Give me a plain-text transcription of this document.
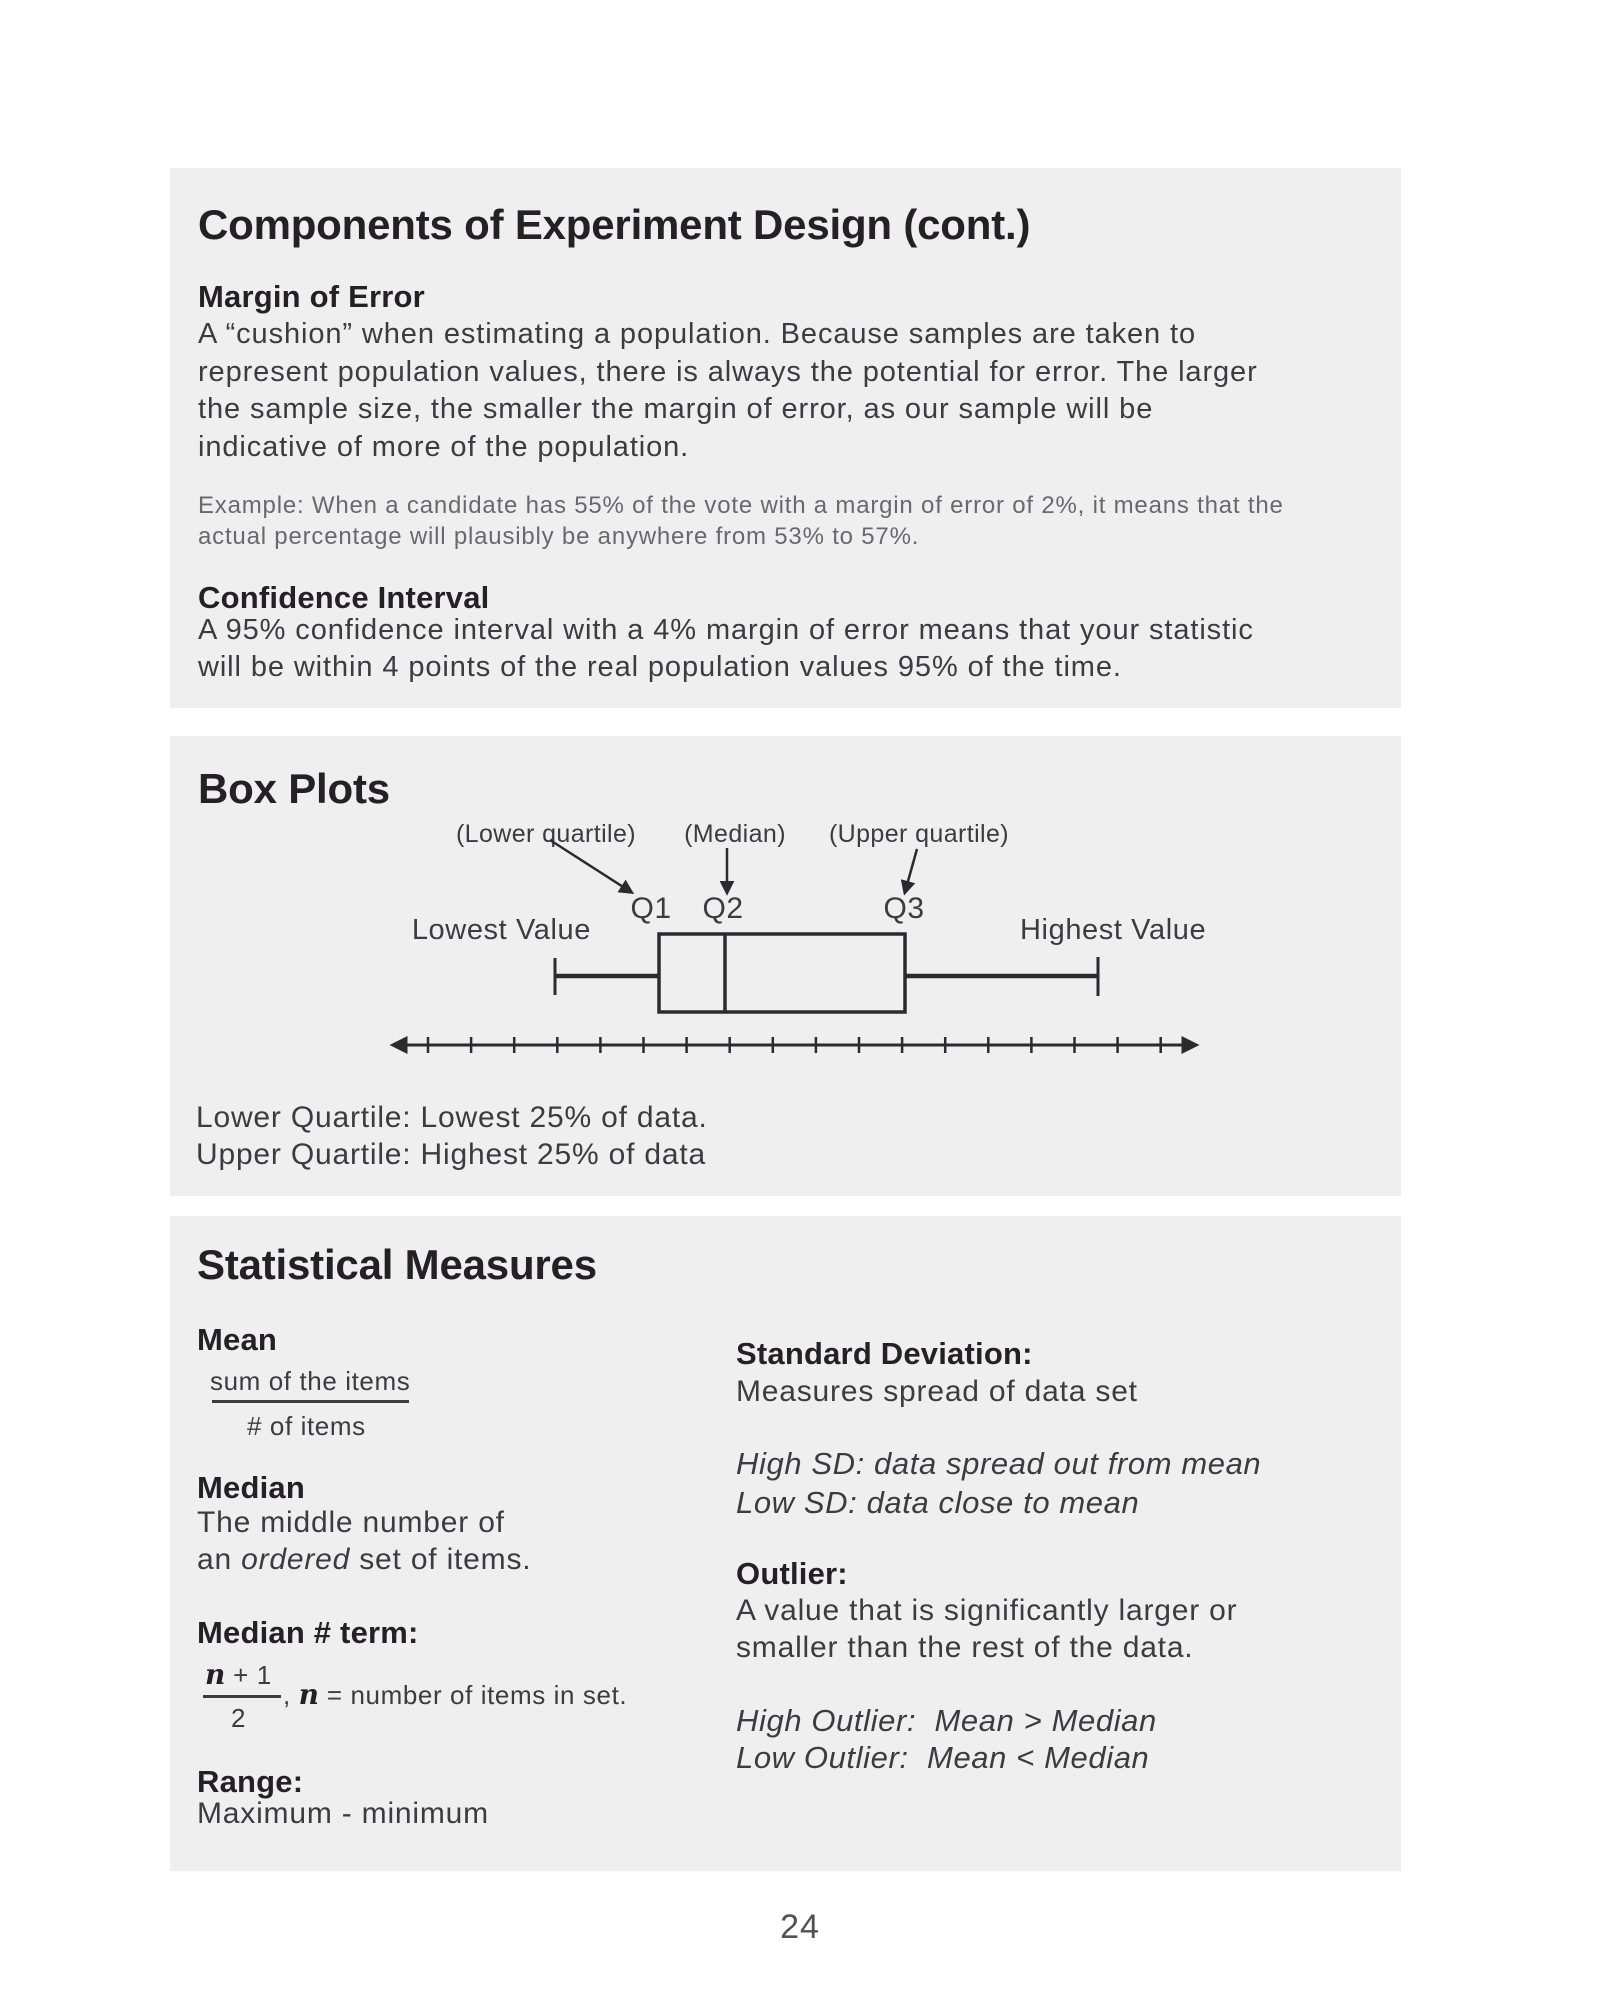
Components of Experiment Design (cont.)
Margin of Error
A “cushion” when estimating a population. Because samples are taken to
represent population values, there is always the potential for error. The larger
the sample size, the smaller the margin of error, as our sample will be
indicative of more of the population.
Example: When a candidate has 55% of the vote with a margin of error of 2%, it means that the
actual percentage will plausibly be anywhere from 53% to 57%.
Confidence Interval
A 95% confidence interval with a 4% margin of error means that your statistic
will be within 4 points of the real population values 95% of the time.
Box Plots
(Lower quartile) (Median) (Upper quartile)
Q1 Q2	Q3
Lowest Value	Highest Value
Lower Quartile: Lowest 25% of data.
Upper Quartile: Highest 25% of data
Statistical Measures
Mean
sum of the items
# of items
Median
The middle number of
an ordered set of items.
Median # term:
n + 1
2
, n = number of items in set.
Range:
Maximum - minimum
Standard Deviation:
Measures spread of data set
High SD: data spread out from mean
Low SD: data close to mean
Outlier:
A value that is significantly larger or
smaller than the rest of the data.
High Outlier:  Mean > Median
Low Outlier:  Mean < Median
24
